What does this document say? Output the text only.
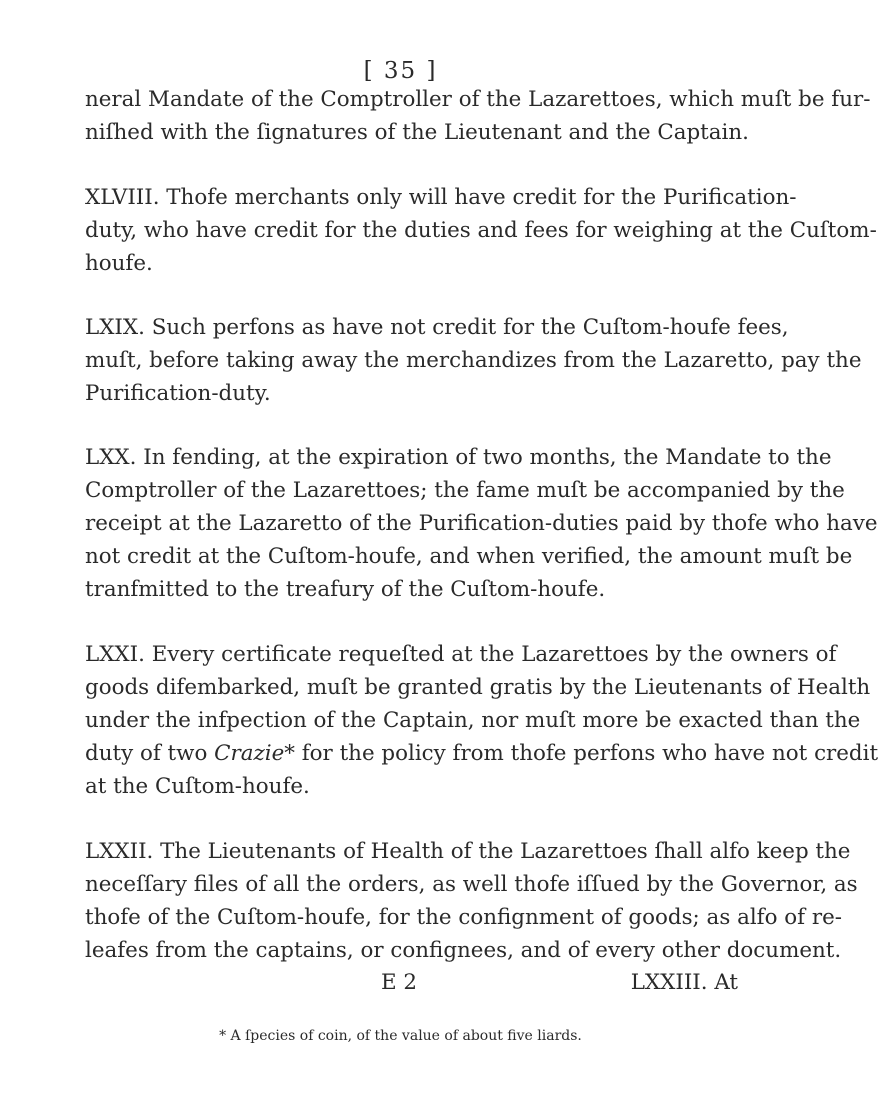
[ 35 ]
neral Mandate of the Comptroller of the Lazarettoes, which muſt be fur-
niſhed with the ſignatures of the Lieutenant and the Captain.
XLVIII. Thofe merchants only will have credit for the Purification-
duty, who have credit for the duties and fees for weighing at the Cuſtom-
houfe.
LXIX. Such perfons as have not credit for the Cuſtom-houfe fees,
muſt, before taking away the merchandizes from the Lazaretto, pay the
Purification-duty.
LXX. In fending, at the expiration of two months, the Mandate to the
Comptroller of the Lazarettoes; the fame muſt be accompanied by the
receipt at the Lazaretto of the Purification-duties paid by thofe who have
not credit at the Cuſtom-houfe, and when verified, the amount muſt be
tranfmitted to the treafury of the Cuſtom-houfe.
LXXI. Every certificate requeſted at the Lazarettoes by the owners of
goods difembarked, muſt be granted gratis by the Lieutenants of Health
under the infpection of the Captain, nor muſt more be exacted than the
duty of two Crazie* for the policy from thofe perfons who have not credit
at the Cuſtom-houfe.
LXXII. The Lieutenants of Health of the Lazarettoes ſhall alfo keep the
neceſſary files of all the orders, as well thofe iſſued by the Governor, as
thofe of the Cuſtom-houfe, for the confignment of goods; as alfo of re-
leafes from the captains, or confignees, and of every other document.
E 2	LXXIII. At
* A ſpecies of coin, of the value of about five liards.
